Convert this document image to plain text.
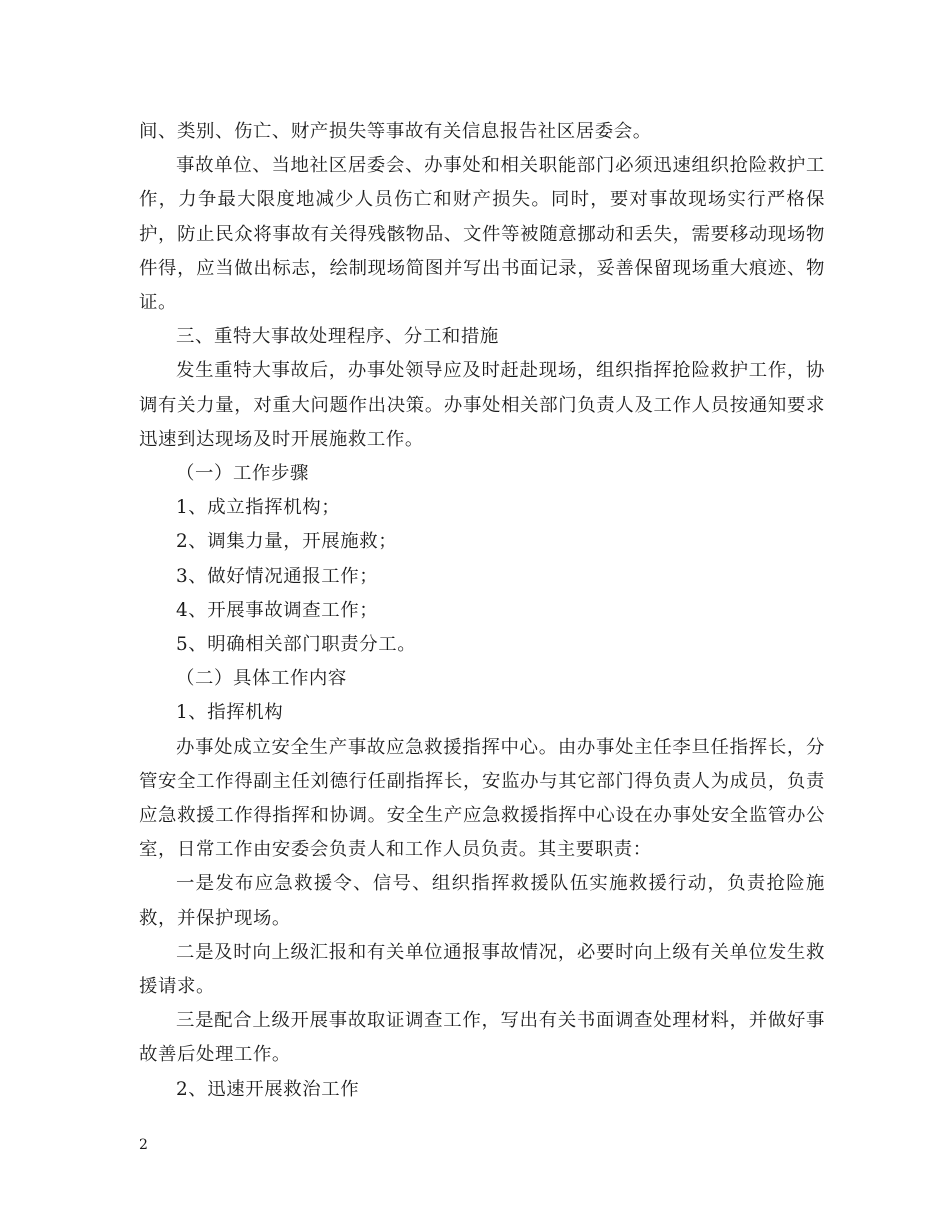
间、类别、伤亡、财产损失等事故有关信息报告社区居委会。

事故单位、当地社区居委会、办事处和相关职能部门必须迅速组织抢险救护工作，力争最大限度地减少人员伤亡和财产损失。同时，要对事故现场实行严格保护，防止民众将事故有关得残骸物品、文件等被随意挪动和丢失，需要移动现场物件得，应当做出标志，绘制现场简图并写出书面记录，妥善保留现场重大痕迹、物证。

三、重特大事故处理程序、分工和措施

发生重特大事故后，办事处领导应及时赶赴现场，组织指挥抢险救护工作，协调有关力量，对重大问题作出决策。办事处相关部门负责人及工作人员按通知要求迅速到达现场及时开展施救工作。

（一）工作步骤

1、成立指挥机构；

2、调集力量，开展施救；

3、做好情况通报工作；

4、开展事故调查工作；

5、明确相关部门职责分工。

（二）具体工作内容

1、指挥机构

办事处成立安全生产事故应急救援指挥中心。由办事处主任李旦任指挥长，分管安全工作得副主任刘德行任副指挥长，安监办与其它部门得负责人为成员，负责应急救援工作得指挥和协调。安全生产应急救援指挥中心设在办事处安全监管办公室，日常工作由安委会负责人和工作人员负责。其主要职责：

一是发布应急救援令、信号、组织指挥救援队伍实施救援行动，负责抢险施救，并保护现场。

二是及时向上级汇报和有关单位通报事故情况，必要时向上级有关单位发生救援请求。

三是配合上级开展事故取证调查工作，写出有关书面调查处理材料，并做好事故善后处理工作。

2、迅速开展救治工作

2
